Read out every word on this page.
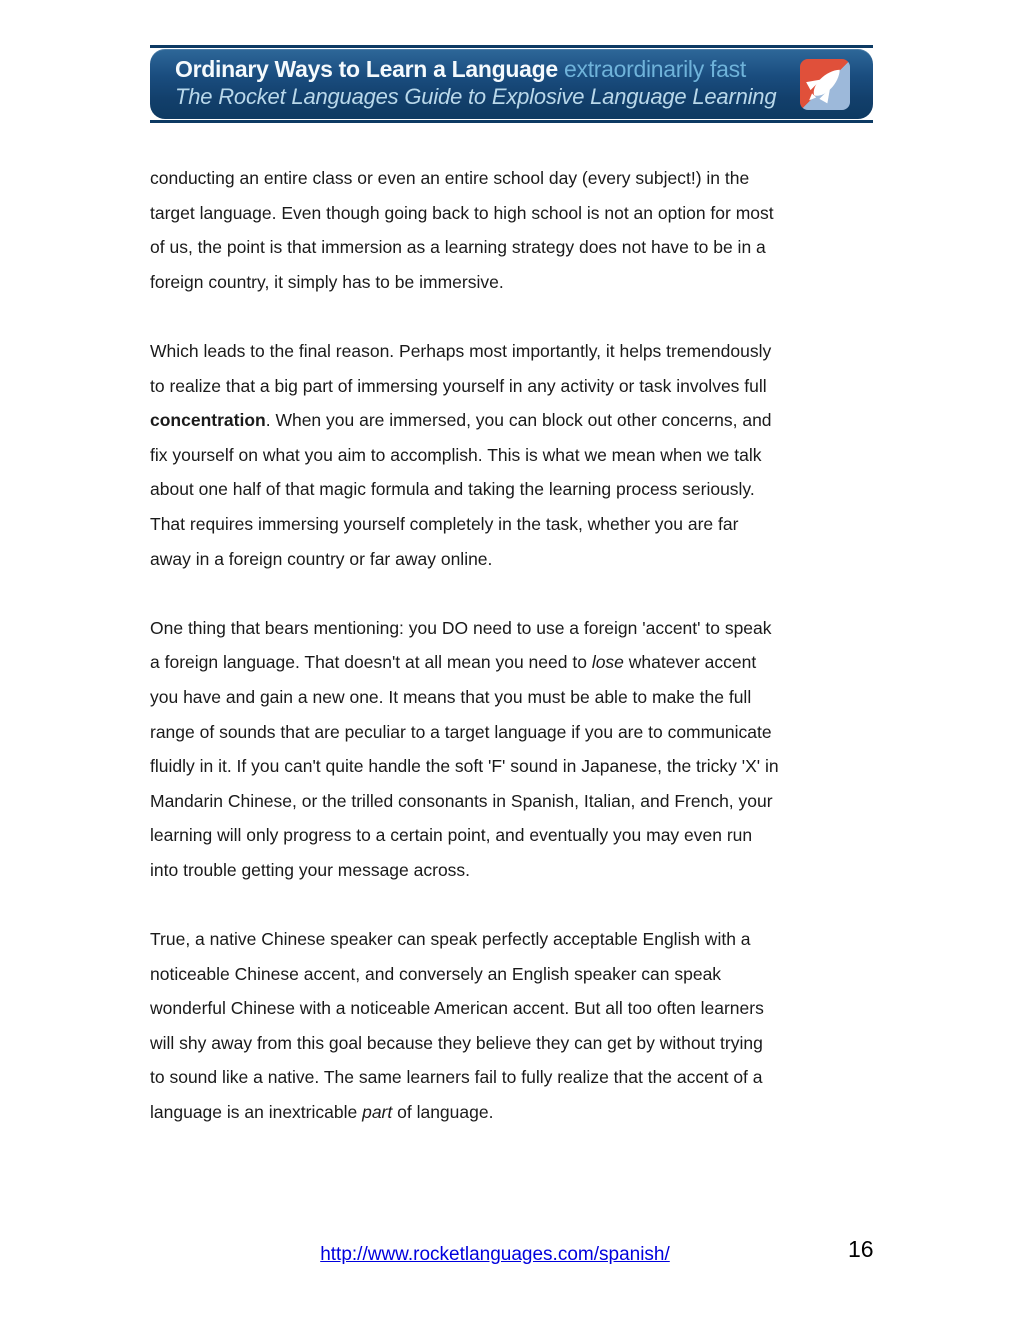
Ordinary Ways to Learn a Language extraordinarily fast
The Rocket Languages Guide to Explosive Language Learning
conducting an entire class or even an entire school day (every subject!) in the
target language. Even though going back to high school is not an option for most
of us, the point is that immersion as a learning strategy does not have to be in a
foreign country, it simply has to be immersive.
Which leads to the final reason. Perhaps most importantly, it helps tremendously
to realize that a big part of immersing yourself in any activity or task involves full
concentration. When you are immersed, you can block out other concerns, and
fix yourself on what you aim to accomplish. This is what we mean when we talk
about one half of that magic formula and taking the learning process seriously.
That requires immersing yourself completely in the task, whether you are far
away in a foreign country or far away online.
One thing that bears mentioning: you DO need to use a foreign 'accent' to speak
a foreign language. That doesn't at all mean you need to lose whatever accent
you have and gain a new one. It means that you must be able to make the full
range of sounds that are peculiar to a target language if you are to communicate
fluidly in it. If you can't quite handle the soft 'F' sound in Japanese, the tricky 'X' in
Mandarin Chinese, or the trilled consonants in Spanish, Italian, and French, your
learning will only progress to a certain point, and eventually you may even run
into trouble getting your message across.
True, a native Chinese speaker can speak perfectly acceptable English with a
noticeable Chinese accent, and conversely an English speaker can speak
wonderful Chinese with a noticeable American accent. But all too often learners
will shy away from this goal because they believe they can get by without trying
to sound like a native. The same learners fail to fully realize that the accent of a
language is an inextricable part of language.
http://www.rocketlanguages.com/spanish/	16
